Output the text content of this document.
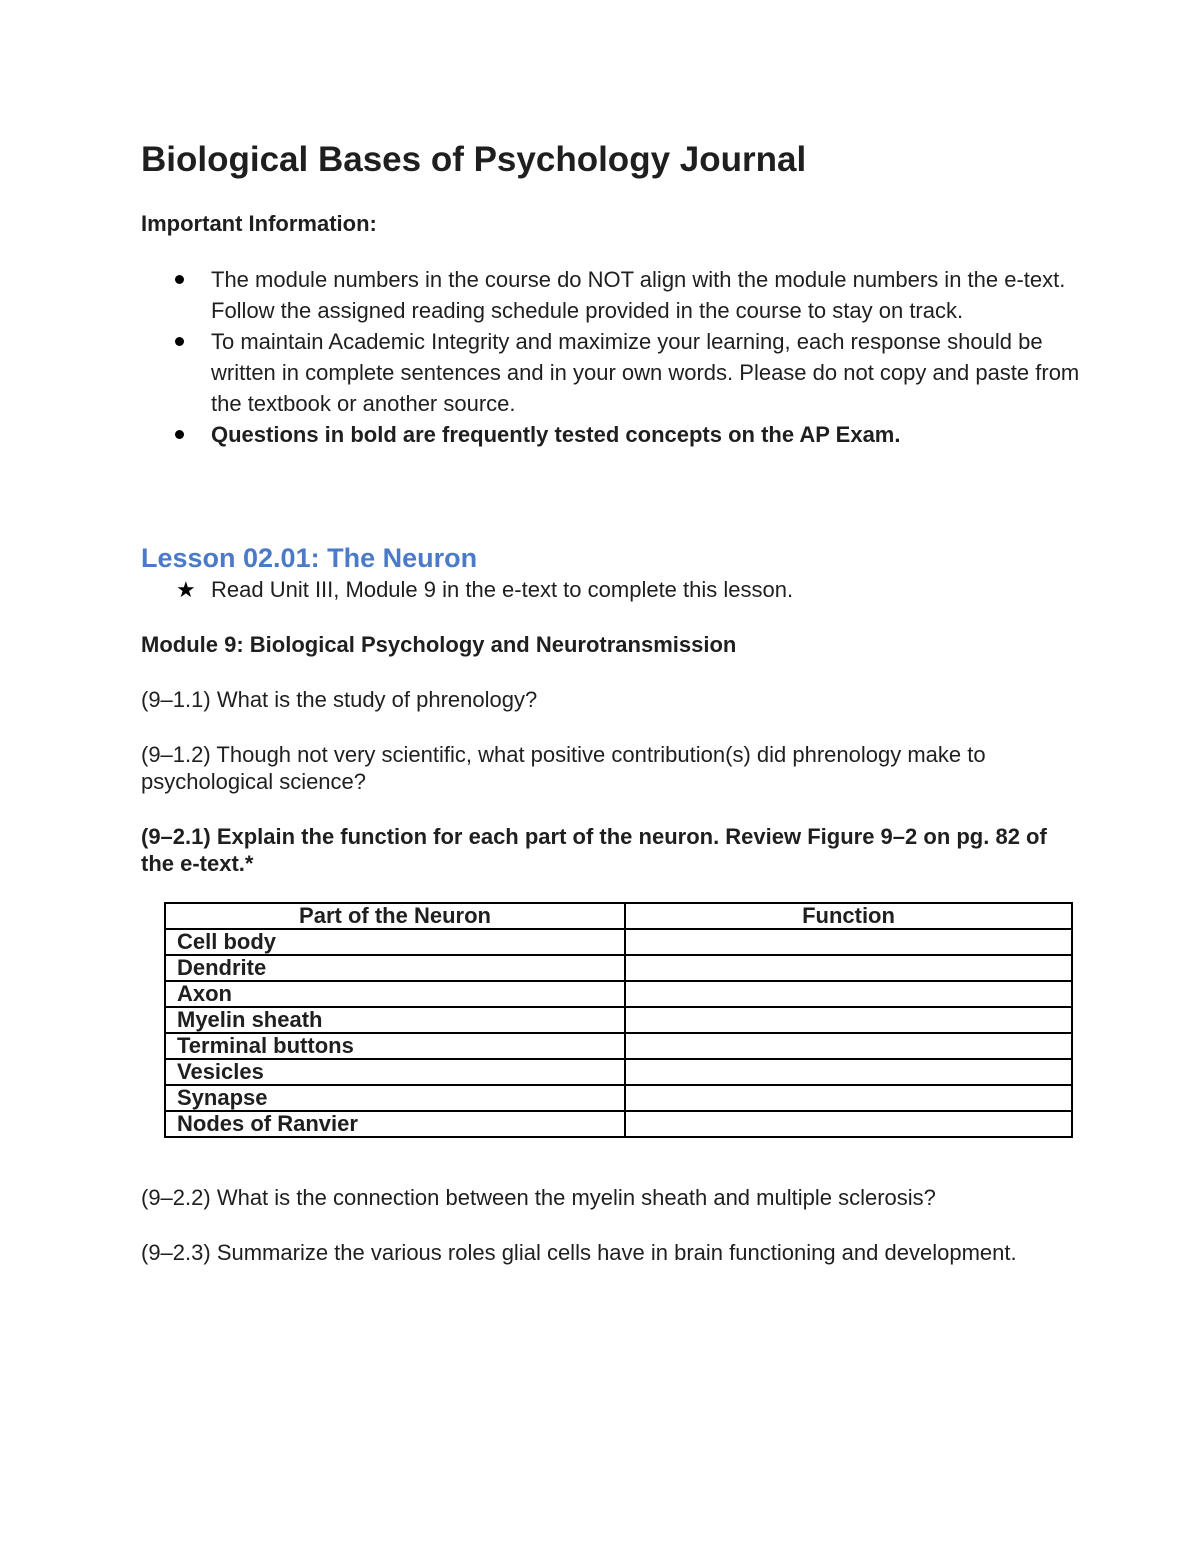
Biological Bases of Psychology Journal

Important Information:

The module numbers in the course do NOT align with the module numbers in the e-text. Follow the assigned reading schedule provided in the course to stay on track.
To maintain Academic Integrity and maximize your learning, each response should be written in complete sentences and in your own words. Please do not copy and paste from the textbook or another source.
Questions in bold are frequently tested concepts on the AP Exam.
Lesson 02.01: The Neuron

★ Read Unit III, Module 9 in the e-text to complete this lesson.

Module 9: Biological Psychology and Neurotransmission

(9–1.1) What is the study of phrenology?

(9–1.2) Though not very scientific, what positive contribution(s) did phrenology make to psychological science?

(9–2.1) Explain the function for each part of the neuron. Review Figure 9–2 on pg. 82 of the e-text.*

Part of the Neuron	Function
Cell body	
Dendrite	
Axon	
Myelin sheath	
Terminal buttons	
Vesicles	
Synapse	
Nodes of Ranvier	

(9–2.2) What is the connection between the myelin sheath and multiple sclerosis?

(9–2.3) Summarize the various roles glial cells have in brain functioning and development.
